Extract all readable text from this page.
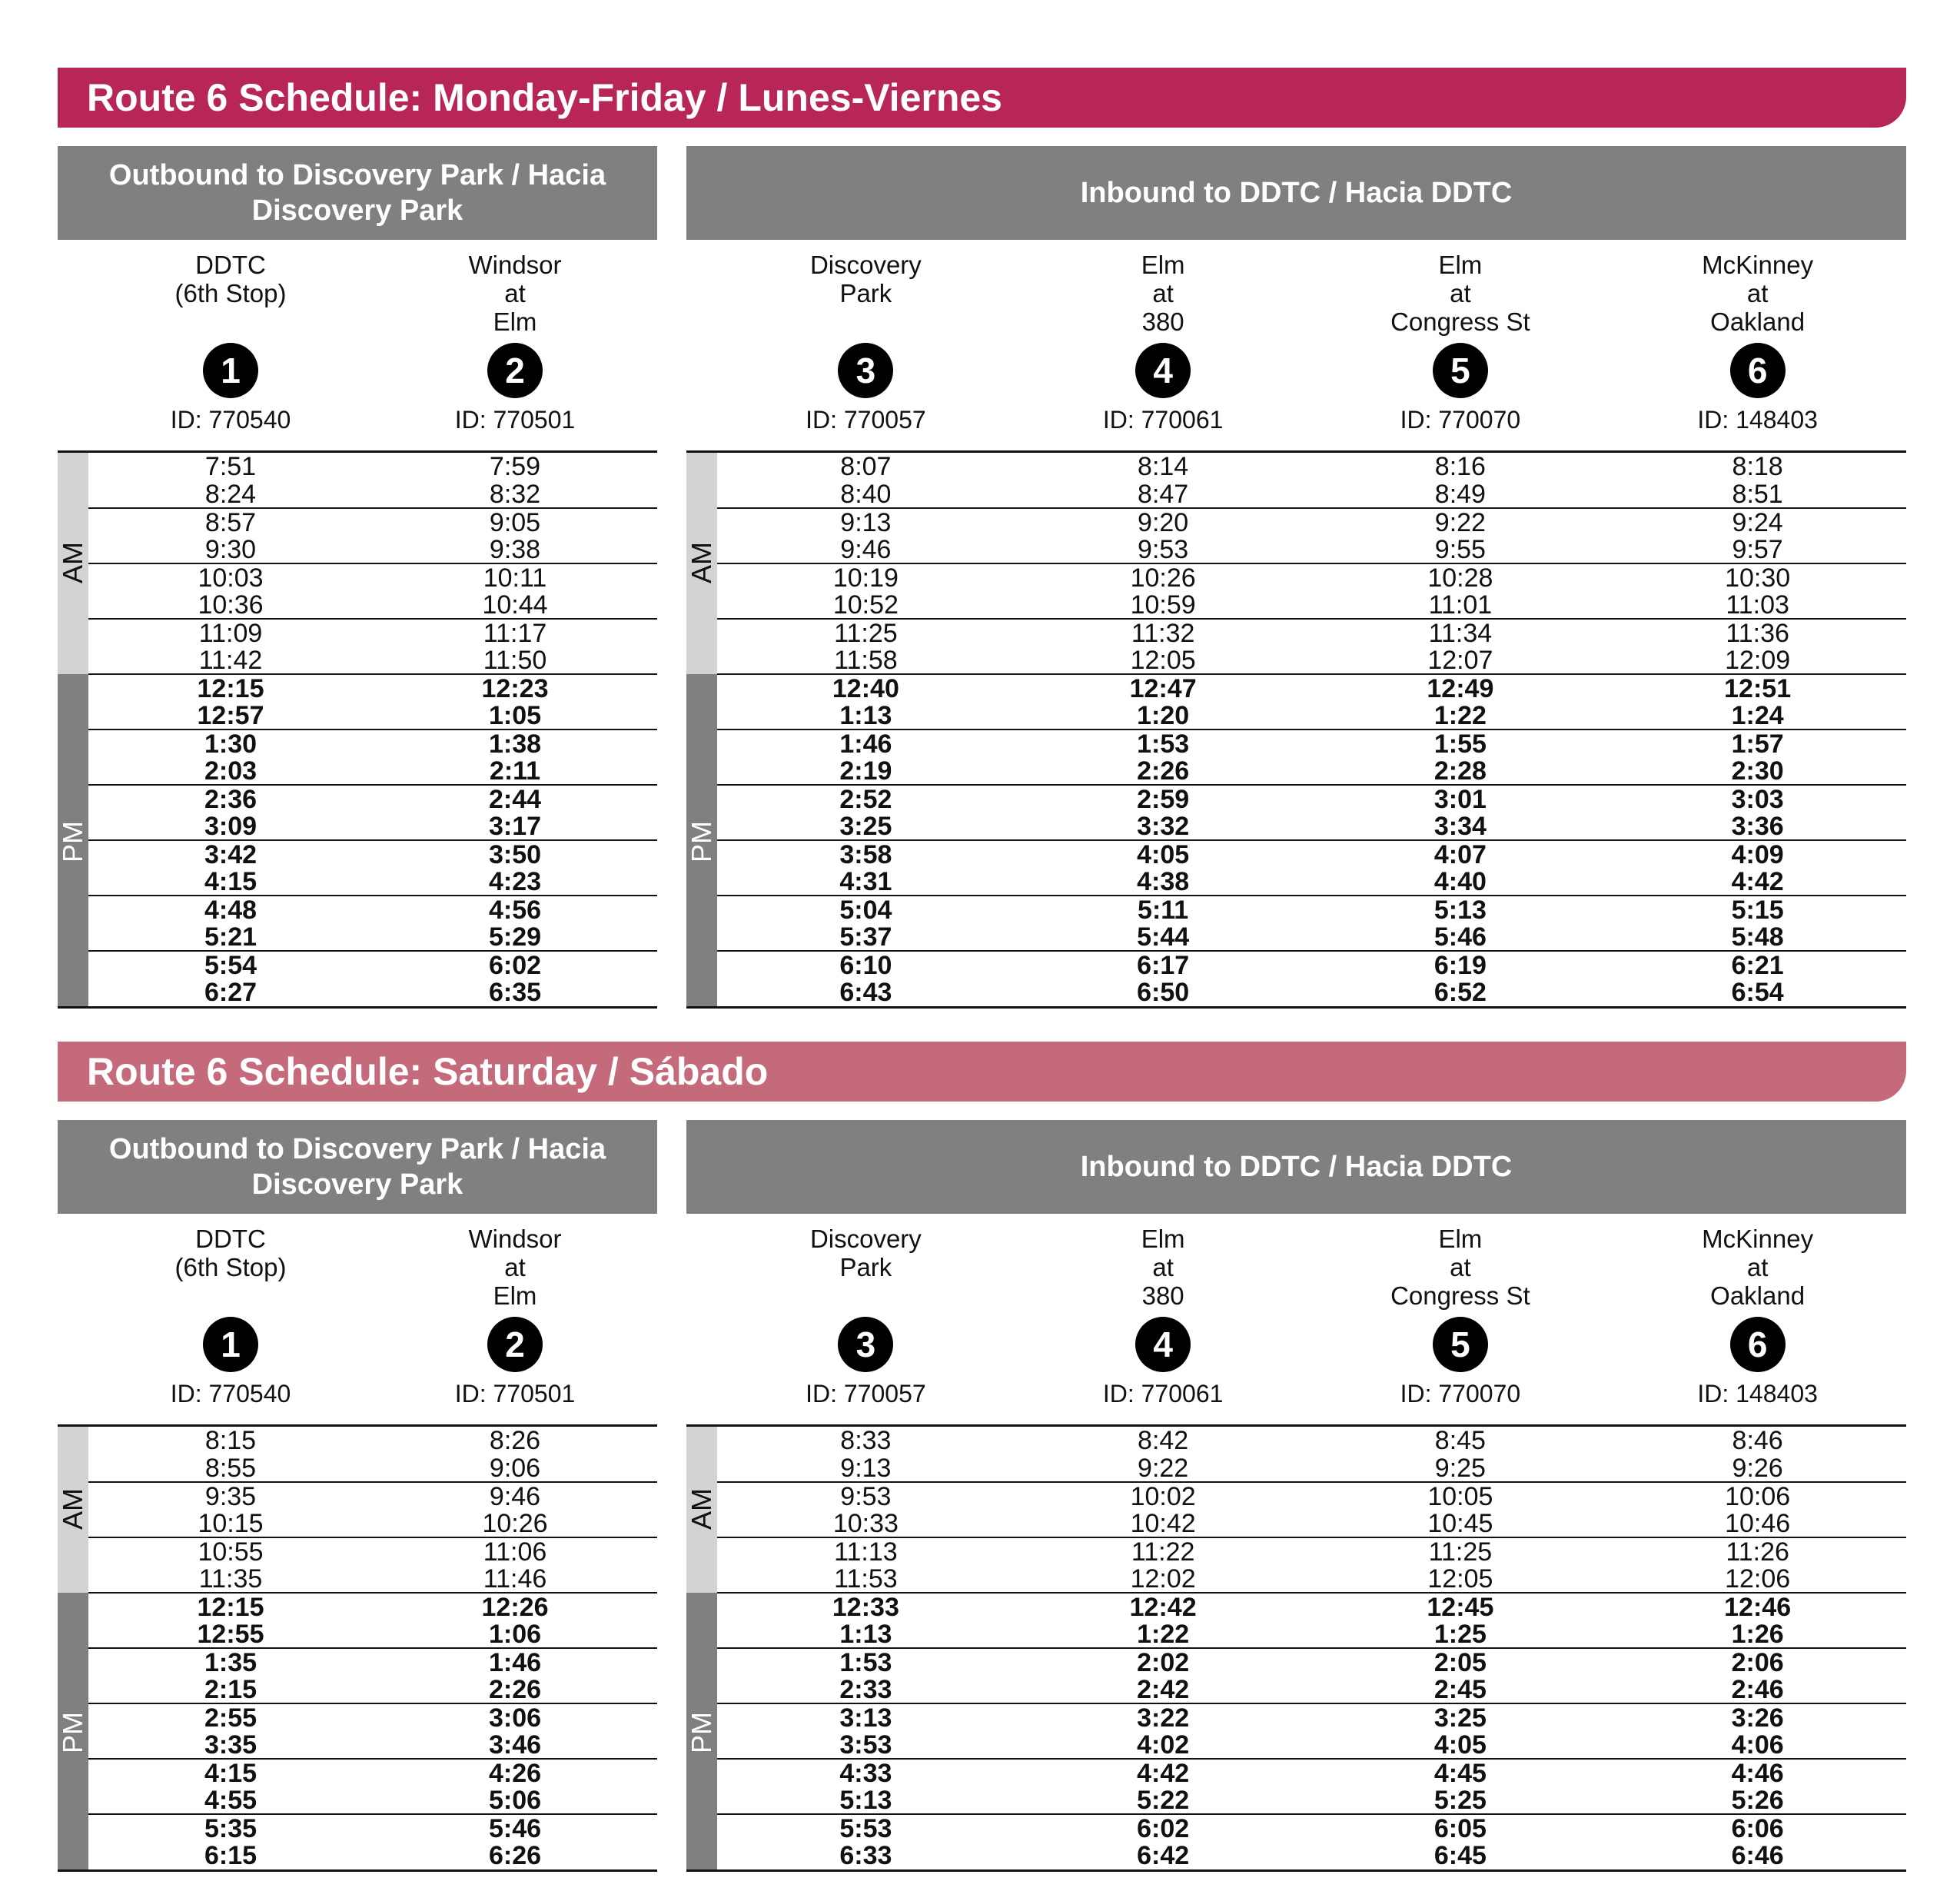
Route 6 Schedule: Monday-Friday / Lunes-Viernes
Outbound to Discovery Park / Hacia Discovery Park
Inbound to DDTC / Hacia DDTC
DDTC
(6th Stop)
1
ID: 770540
Windsor
at
Elm
2
ID: 770501
AM
PM
7:51	7:59
8:24	8:32
8:57	9:05
9:30	9:38
10:03	10:11
10:36	10:44
11:09	11:17
11:42	11:50
12:15	12:23
12:57	1:05
1:30	1:38
2:03	2:11
2:36	2:44
3:09	3:17
3:42	3:50
4:15	4:23
4:48	4:56
5:21	5:29
5:54	6:02
6:27	6:35
Discovery
Park
3
ID: 770057
Elm
at
380
4
ID: 770061
Elm
at
Congress St
5
ID: 770070
McKinney
at
Oakland
6
ID: 148403
AM
PM
8:07	8:14	8:16	8:18
8:40	8:47	8:49	8:51
9:13	9:20	9:22	9:24
9:46	9:53	9:55	9:57
10:19	10:26	10:28	10:30
10:52	10:59	11:01	11:03
11:25	11:32	11:34	11:36
11:58	12:05	12:07	12:09
12:40	12:47	12:49	12:51
1:13	1:20	1:22	1:24
1:46	1:53	1:55	1:57
2:19	2:26	2:28	2:30
2:52	2:59	3:01	3:03
3:25	3:32	3:34	3:36
3:58	4:05	4:07	4:09
4:31	4:38	4:40	4:42
5:04	5:11	5:13	5:15
5:37	5:44	5:46	5:48
6:10	6:17	6:19	6:21
6:43	6:50	6:52	6:54
Route 6 Schedule: Saturday / Sábado
Outbound to Discovery Park / Hacia Discovery Park
Inbound to DDTC / Hacia DDTC
DDTC
(6th Stop)
1
ID: 770540
Windsor
at
Elm
2
ID: 770501
AM
PM
8:15	8:26
8:55	9:06
9:35	9:46
10:15	10:26
10:55	11:06
11:35	11:46
12:15	12:26
12:55	1:06
1:35	1:46
2:15	2:26
2:55	3:06
3:35	3:46
4:15	4:26
4:55	5:06
5:35	5:46
6:15	6:26
Discovery
Park
3
ID: 770057
Elm
at
380
4
ID: 770061
Elm
at
Congress St
5
ID: 770070
McKinney
at
Oakland
6
ID: 148403
AM
PM
8:33	8:42	8:45	8:46
9:13	9:22	9:25	9:26
9:53	10:02	10:05	10:06
10:33	10:42	10:45	10:46
11:13	11:22	11:25	11:26
11:53	12:02	12:05	12:06
12:33	12:42	12:45	12:46
1:13	1:22	1:25	1:26
1:53	2:02	2:05	2:06
2:33	2:42	2:45	2:46
3:13	3:22	3:25	3:26
3:53	4:02	4:05	4:06
4:33	4:42	4:45	4:46
5:13	5:22	5:25	5:26
5:53	6:02	6:05	6:06
6:33	6:42	6:45	6:46
